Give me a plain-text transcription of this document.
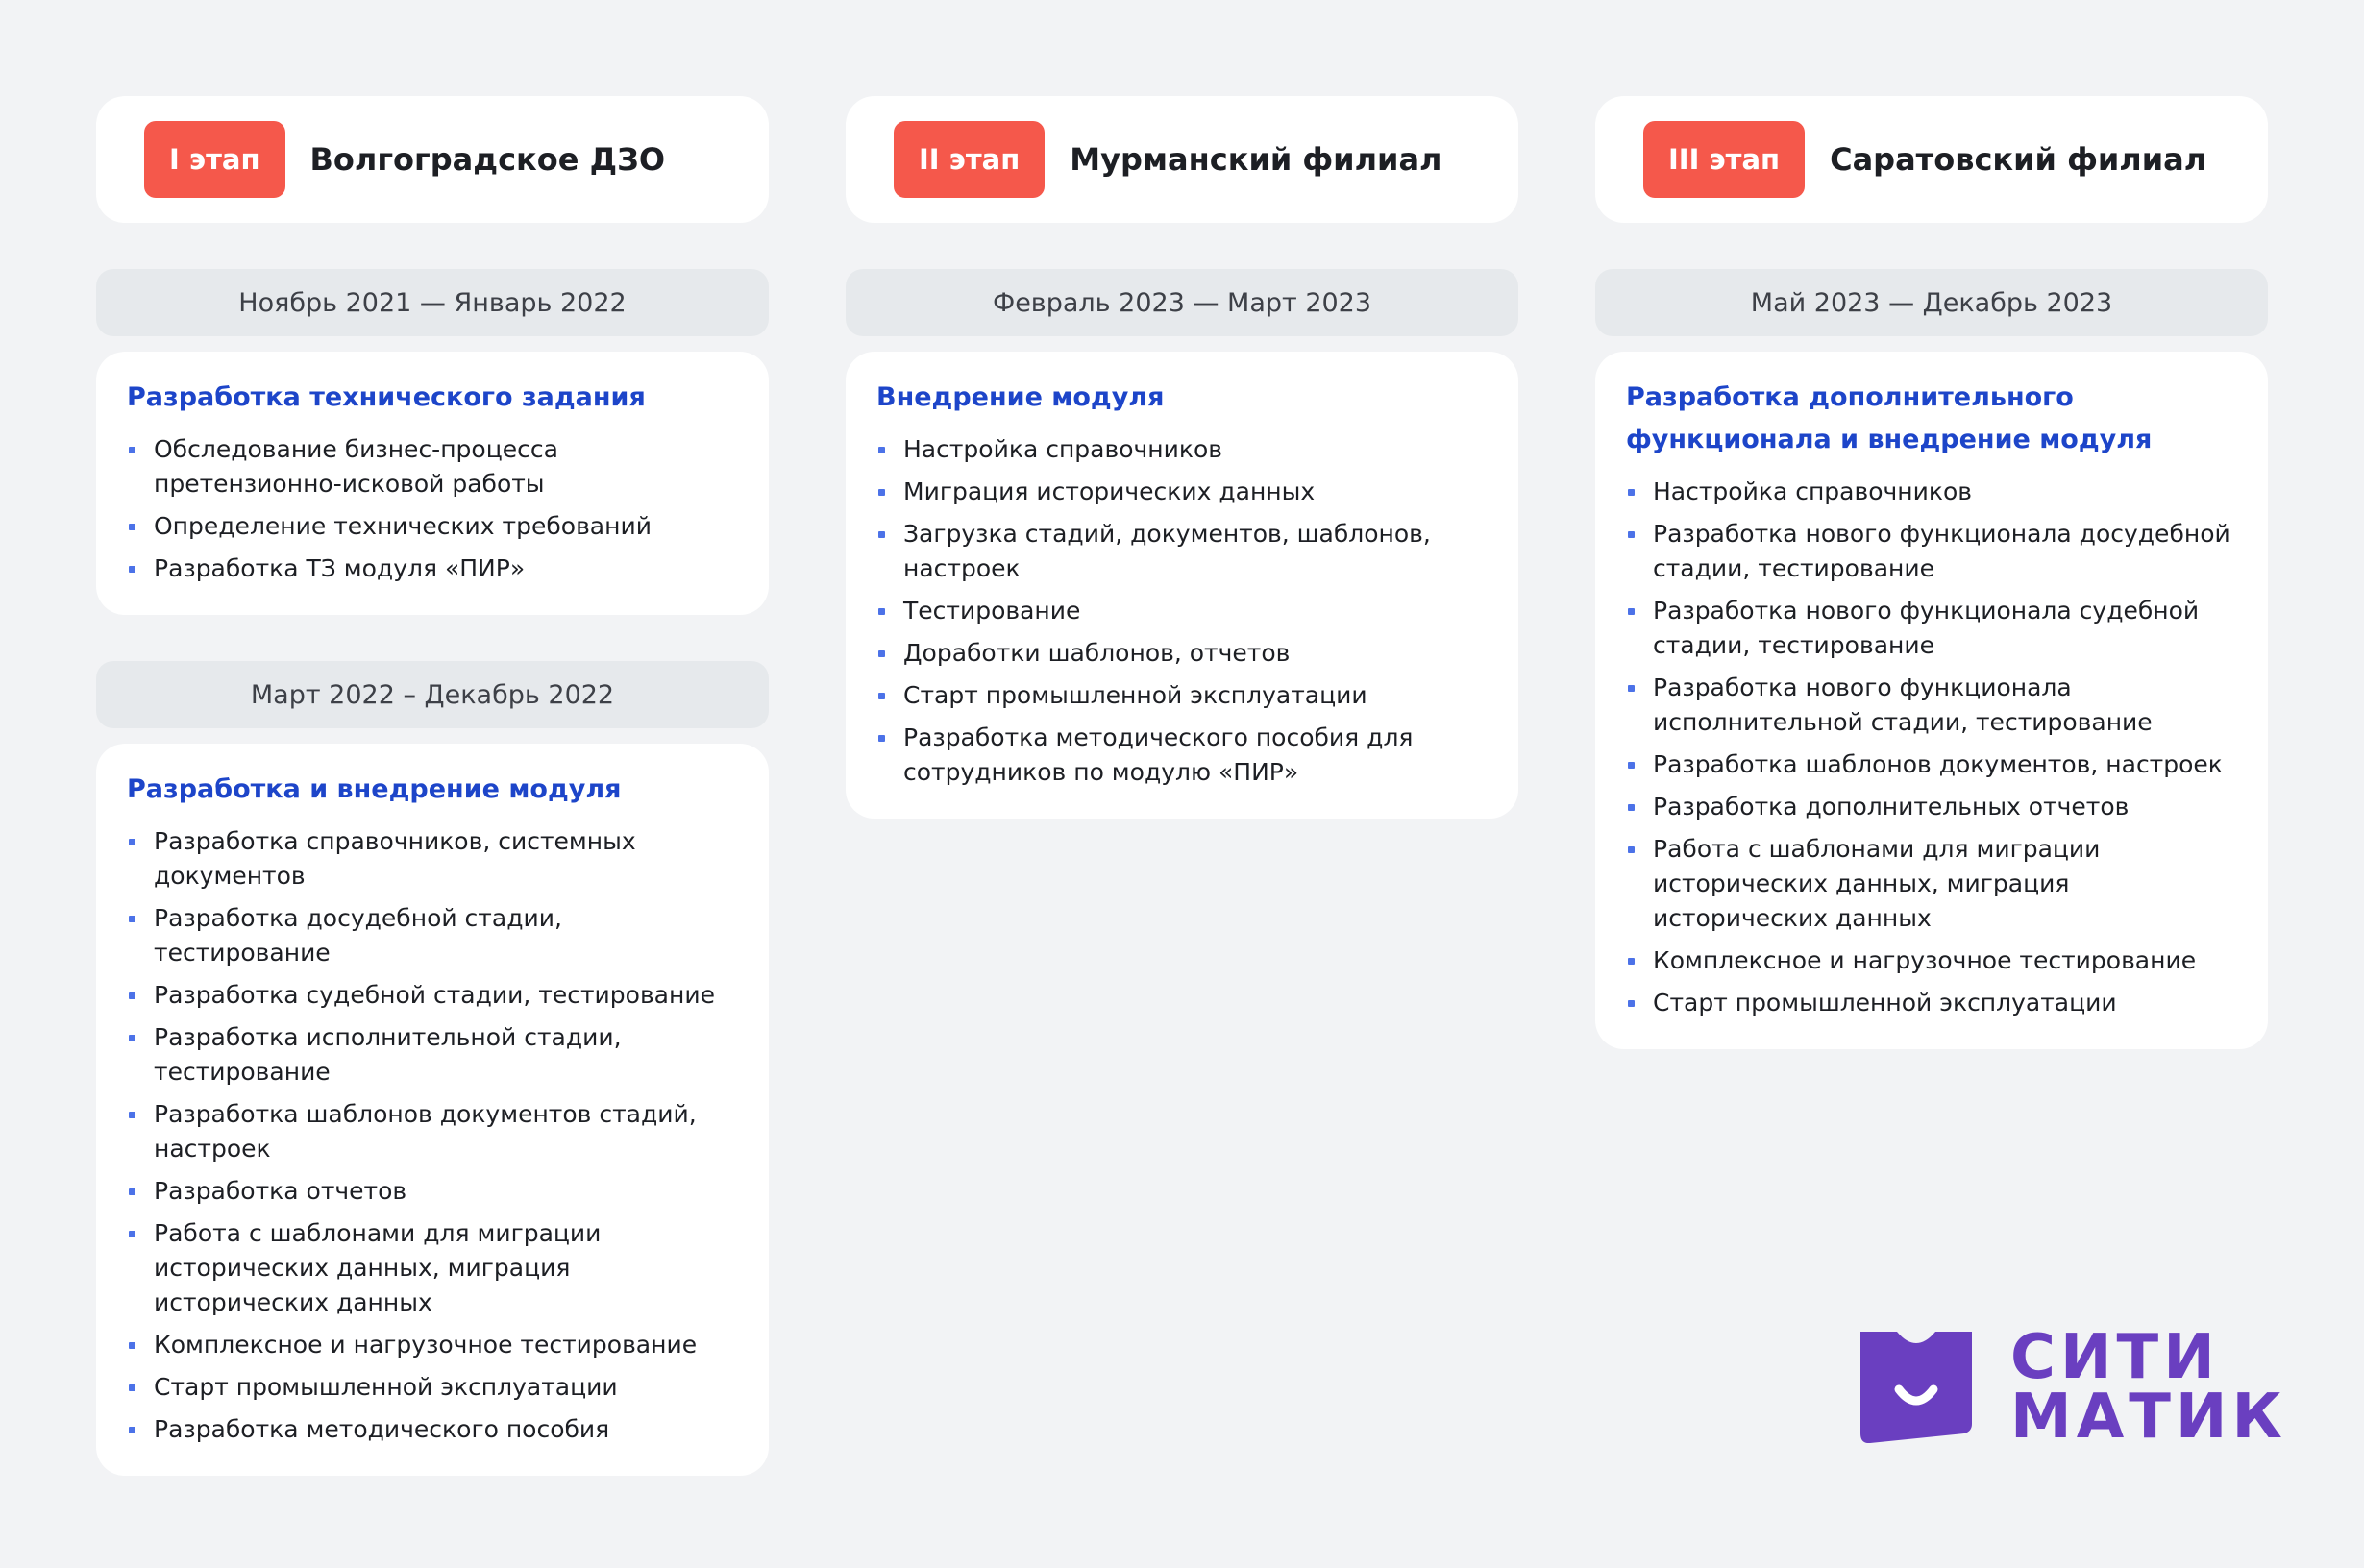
I этап	Волгоградское ДЗО
Ноябрь 2021 — Январь 2022
Разработка технического задания
Обследование бизнес-процесса претензионно-исковой работы
Определение технических требований
Разработка ТЗ модуля «ПИР»
Март 2022 – Декабрь 2022
Разработка и внедрение модуля
Разработка справочников, системных документов
Разработка досудебной стадии, тестирование
Разработка судебной стадии, тестирование
Разработка исполнительной стадии, тестирование
Разработка шаблонов документов стадий, настроек
Разработка отчетов
Работа с шаблонами для миграции исторических данных, миграция исторических данных
Комплексное и нагрузочное тестирование
Старт промышленной эксплуатации
Разработка методического пособия
II этап	Мурманский филиал
Февраль 2023 — Март 2023
Внедрение модуля
Настройка справочников
Миграция исторических данных
Загрузка стадий, документов, шаблонов, настроек
Тестирование
Доработки шаблонов, отчетов
Старт промышленной эксплуатации
Разработка методического пособия для сотрудников по модулю «ПИР»
III этап	Саратовский филиал
Май 2023 — Декабрь 2023
Разработка дополнительного функционала и внедрение модуля
Настройка справочников
Разработка нового функционала досудебной стадии, тестирование
Разработка нового функционала судебной стадии, тестирование
Разработка нового функционала исполнительной стадии, тестирование
Разработка шаблонов документов, настроек
Разработка дополнительных отчетов
Работа с шаблонами для миграции исторических данных, миграция исторических данных
Комплексное и нагрузочное тестирование
Старт промышленной эксплуатации
СИТИ
МАТИК
